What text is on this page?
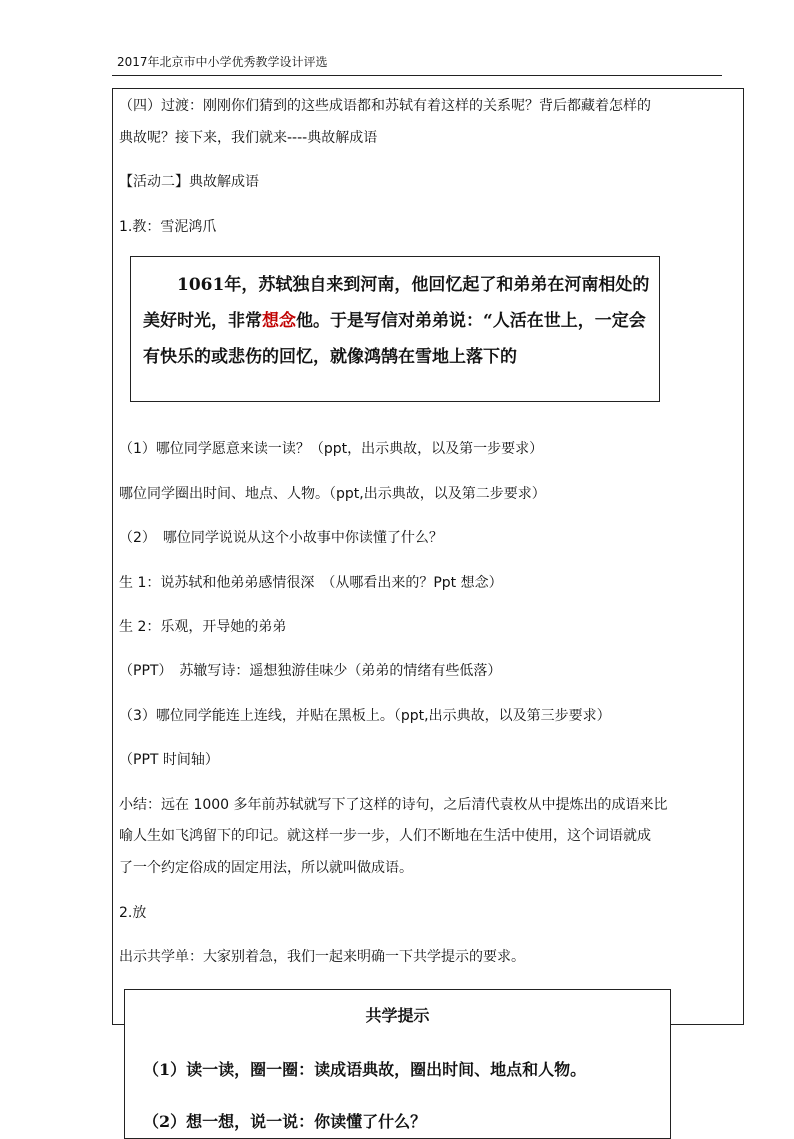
2017年北京市中小学优秀教学设计评选

（四）过渡：刚刚你们猜到的这些成语都和苏轼有着这样的关系呢？背后都藏着怎样的

典故呢？接下来，我们就来----典故解成语

【活动二】典故解成语

1.教：雪泥鸿爪

1061年，苏轼独自来到河南，他回忆起了和弟弟在河南相处的美好时光，非常想念他。于是写信对弟弟说：“人活在世上，一定会有快乐的或悲伤的回忆，就像鸿鹄在雪地上落下的

（1）哪位同学愿意来读一读？（ppt，出示典故，以及第一步要求）

哪位同学圈出时间、地点、人物。（ppt,出示典故，以及第二步要求）

（2）　哪位同学说说从这个小故事中你读懂了什么？

生 1：说苏轼和他弟弟感情很深　（从哪看出来的？Ppt 想念）

生 2：乐观，开导她的弟弟

（PPT）　苏辙写诗：遥想独游佳味少（弟弟的情绪有些低落）

（3）哪位同学能连上连线，并贴在黑板上。（ppt,出示典故，以及第三步要求）

（PPT 时间轴）

小结：远在 1000 多年前苏轼就写下了这样的诗句，之后清代袁枚从中提炼出的成语来比

喻人生如飞鸿留下的印记。就这样一步一步，人们不断地在生活中使用，这个词语就成

了一个约定俗成的固定用法，所以就叫做成语。

2.放

出示共学单：大家别着急，我们一起来明确一下共学提示的要求。

共学提示
（1）读一读，圈一圈：读成语典故，圈出时间、地点和人物。
（2）想一想，说一说：你读懂了什么？
